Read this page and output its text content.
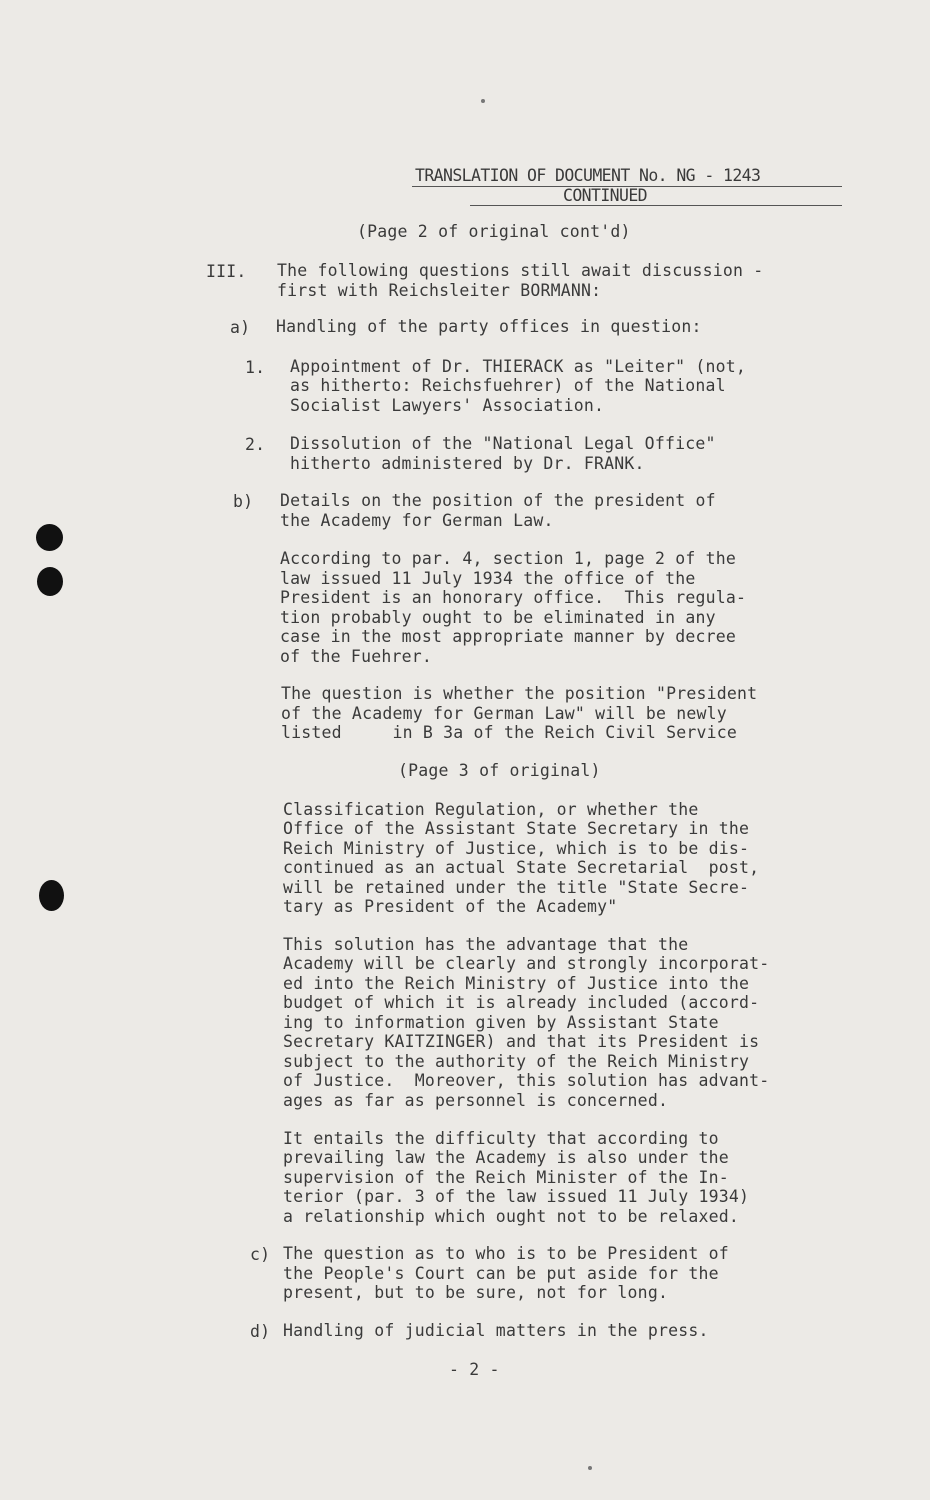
TRANSLATION OF DOCUMENT No. NG - 1243
CONTINUED
(Page 2 of original cont'd)
III. The following questions still await discussion -
first with Reichsleiter BORMANN:
a) Handling of the party offices in question:
1. Appointment of Dr. THIERACK as "Leiter" (not,
as hitherto: Reichsfuehrer) of the National
Socialist Lawyers' Association.
2. Dissolution of the "National Legal Office"
hitherto administered by Dr. FRANK.
b) Details on the position of the president of
the Academy for German Law.
According to par. 4, section 1, page 2 of the
law issued 11 July 1934 the office of the
President is an honorary office.  This regula-
tion probably ought to be eliminated in any
case in the most appropriate manner by decree
of the Fuehrer.
The question is whether the position "President
of the Academy for German Law" will be newly
listed     in B 3a of the Reich Civil Service
(Page 3 of original)
Classification Regulation, or whether the
Office of the Assistant State Secretary in the
Reich Ministry of Justice, which is to be dis-
continued as an actual State Secretarial  post,
will be retained under the title "State Secre-
tary as President of the Academy"
This solution has the advantage that the
Academy will be clearly and strongly incorporat-
ed into the Reich Ministry of Justice into the
budget of which it is already included (accord-
ing to information given by Assistant State
Secretary KAITZINGER) and that its President is
subject to the authority of the Reich Ministry
of Justice.  Moreover, this solution has advant-
ages as far as personnel is concerned.
It entails the difficulty that according to
prevailing law the Academy is also under the
supervision of the Reich Minister of the In-
terior (par. 3 of the law issued 11 July 1934)
a relationship which ought not to be relaxed.
c) The question as to who is to be President of
the People's Court can be put aside for the
present, but to be sure, not for long.
d) Handling of judicial matters in the press.
- 2 -
